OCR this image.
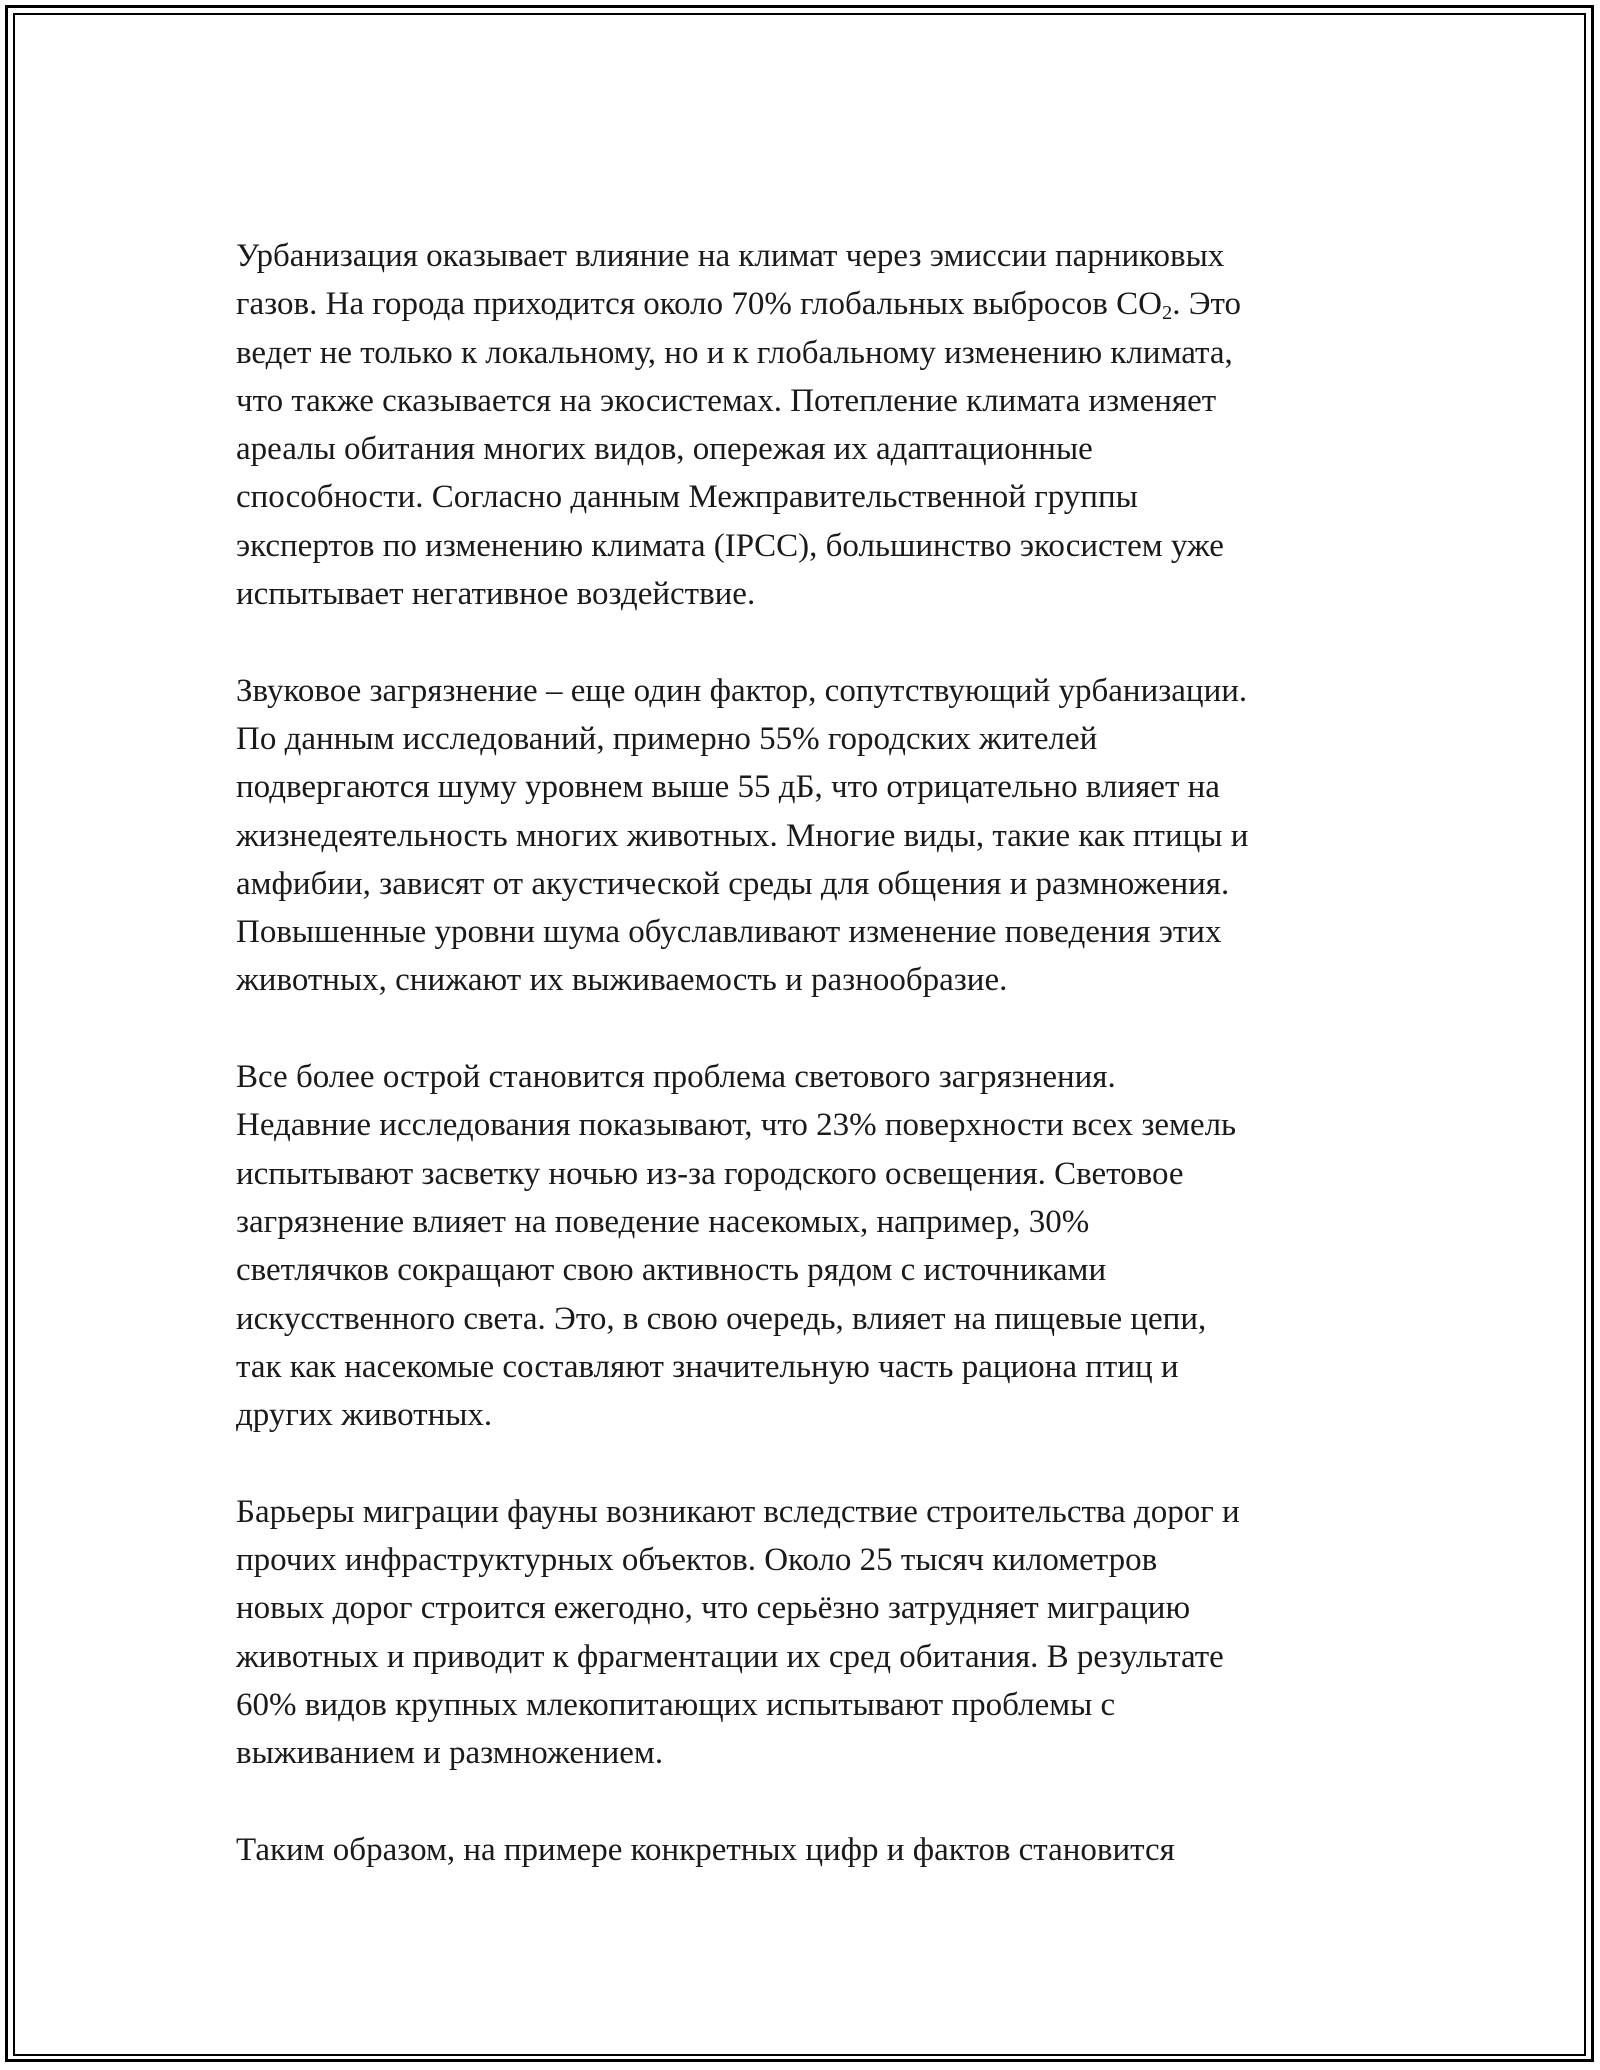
Урбанизация оказывает влияние на климат через эмиссии парниковых
газов. На города приходится около 70% глобальных выбросов $CO_2$. Это
ведет не только к локальному, но и к глобальному изменению климата,
что также сказывается на экосистемах. Потепление климата изменяет
ареалы обитания многих видов, опережая их адаптационные
способности. Согласно данным Межправительственной группы
экспертов по изменению климата (IPCC), большинство экосистем уже
испытывает негативное воздействие.

Звуковое загрязнение – еще один фактор, сопутствующий урбанизации.
По данным исследований, примерно 55% городских жителей
подвергаются шуму уровнем выше 55 дБ, что отрицательно влияет на
жизнедеятельность многих животных. Многие виды, такие как птицы и
амфибии, зависят от акустической среды для общения и размножения.
Повышенные уровни шума обуславливают изменение поведения этих
животных, снижают их выживаемость и разнообразие.

Все более острой становится проблема светового загрязнения.
Недавние исследования показывают, что 23% поверхности всех земель
испытывают засветку ночью из-за городского освещения. Световое
загрязнение влияет на поведение насекомых, например, 30%
светлячков сокращают свою активность рядом с источниками
искусственного света. Это, в свою очередь, влияет на пищевые цепи,
так как насекомые составляют значительную часть рациона птиц и
других животных.

Барьеры миграции фауны возникают вследствие строительства дорог и
прочих инфраструктурных объектов. Около 25 тысяч километров
новых дорог строится ежегодно, что серьёзно затрудняет миграцию
животных и приводит к фрагментации их сред обитания. В результате
60% видов крупных млекопитающих испытывают проблемы с
выживанием и размножением.

Таким образом, на примере конкретных цифр и фактов становится
